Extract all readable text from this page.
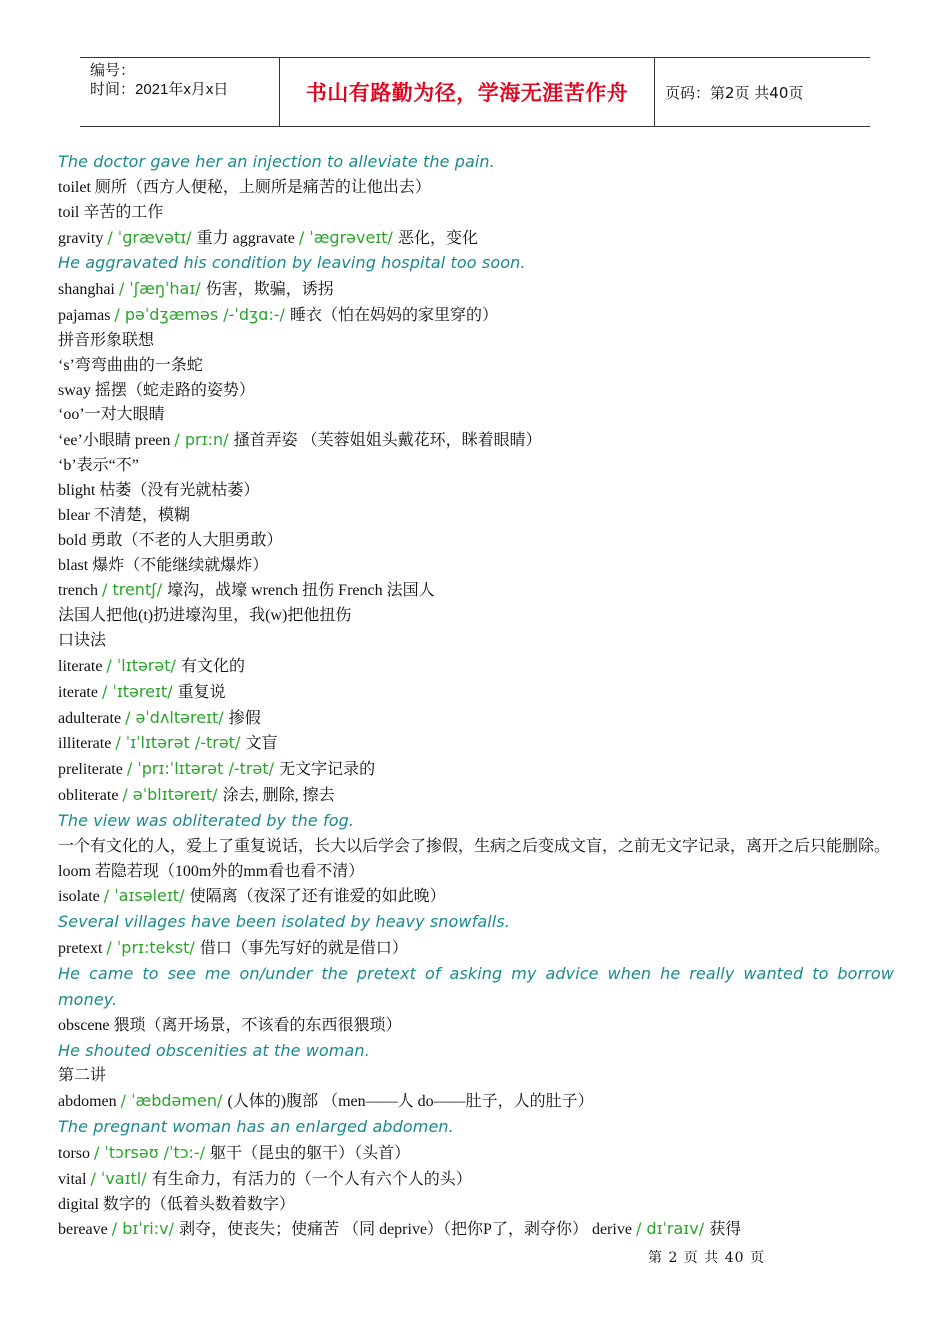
编号：
时间：2021年x月x日	书山有路勤为径，学海无涯苦作舟	页码：第2页 共40页
The doctor gave her an injection to alleviate the pain.
toilet 厕所（西方人便秘，上厕所是痛苦的让他出去）
toil 辛苦的工作
gravity / ˈɡrævətɪ/ 重力 aggravate / ˈæɡrəveɪt/ 恶化，变化
He aggravated his condition by leaving hospital too soon.
shanghai / ˈʃæŋˈhaɪ/ 伤害，欺骗，诱拐
pajamas / pəˈdʒæməs /-ˈdʒɑ:-/ 睡衣（怕在妈妈的家里穿的）
拼音形象联想
‘s’弯弯曲曲的一条蛇
sway 摇摆（蛇走路的姿势）
‘oo’一对大眼睛
‘ee’小眼睛 preen / prɪ:n/ 搔首弄姿 （芙蓉姐姐头戴花环，眯着眼睛）
‘b’表示“不”
blight 枯萎（没有光就枯萎）
blear 不清楚，模糊
bold 勇敢（不老的人大胆勇敢）
blast 爆炸（不能继续就爆炸）
trench / trentʃ/ 壕沟，战壕 wrench 扭伤 French 法国人
法国人把他(t)扔进壕沟里，我(w)把他扭伤
口诀法
literate / ˈlɪtərət/ 有文化的
iterate / ˈɪtəreɪt/ 重复说
adulterate / əˈdʌltəreɪt/ 掺假
illiterate / ˈɪˈlɪtərət /-trət/ 文盲
preliterate / ˈprɪ:ˈlɪtərət /-trət/ 无文字记录的
obliterate / əˈblɪtəreɪt/ 涂去, 删除, 擦去
The view was obliterated by the fog.
一个有文化的人，爱上了重复说话，长大以后学会了掺假，生病之后变成文盲，之前无文字记录，离开之后只能删除。
loom 若隐若现（100m外的mm看也看不清）
isolate / ˈaɪsəleɪt/ 使隔离（夜深了还有谁爱的如此晚）
Several villages have been isolated by heavy snowfalls.
pretext / ˈprɪ:tekst/ 借口（事先写好的就是借口）
He came to see me on/under the pretext of asking my advice when he really wanted to borrow money.
obscene 猥琐（离开场景，不该看的东西很猥琐）
He shouted obscenities at the woman.
第二讲
abdomen / ˈæbdəmen/ (人体的)腹部 （men——人 do——肚子，人的肚子）
The pregnant woman has an enlarged abdomen.
torso / ˈtɔrsəʊ /ˈtɔ:-/ 躯干（昆虫的躯干）（头首）
vital / ˈvaɪtl/ 有生命力，有活力的（一个人有六个人的头）
digital 数字的（低着头数着数字）
bereave / bɪˈri:v/ 剥夺，使丧失；使痛苦 （同 deprive）（把你P了，剥夺你） derive / dɪˈraɪv/ 获得
第 2 页 共 40 页
